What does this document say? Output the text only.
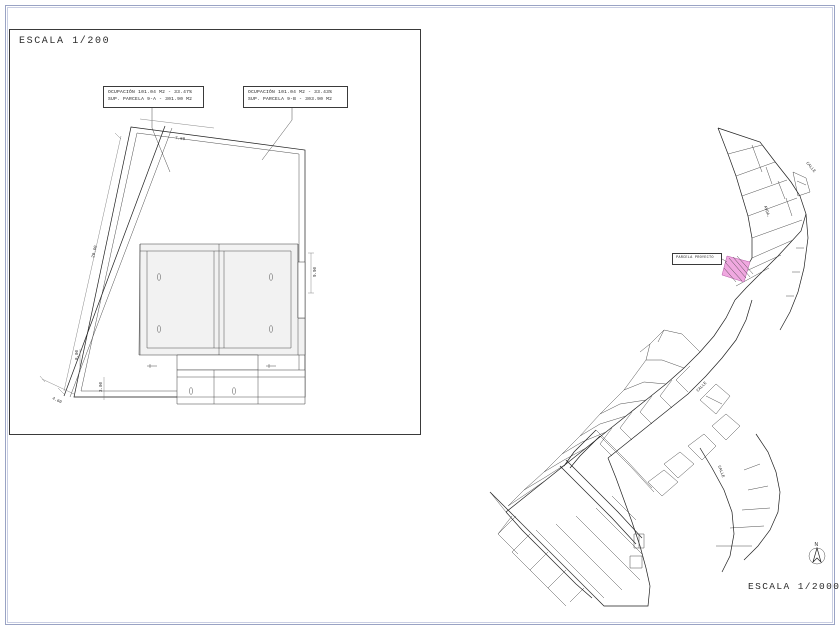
ESCALA 1/200
ESCALA 1/2000
OCUPACIÓN 101.04 M2 - 33.47%
SUP. PARCELA 9-A - 301.90 M2
OCUPACIÓN 101.04 M2 - 33.43%
SUP. PARCELA 9-B - 303.90 M2
PARCELA PROYECTO
20.60
7.60
9.90
8.00
3.00
4.60
CALLE
AVDA.
CALLE
CALLE
N
